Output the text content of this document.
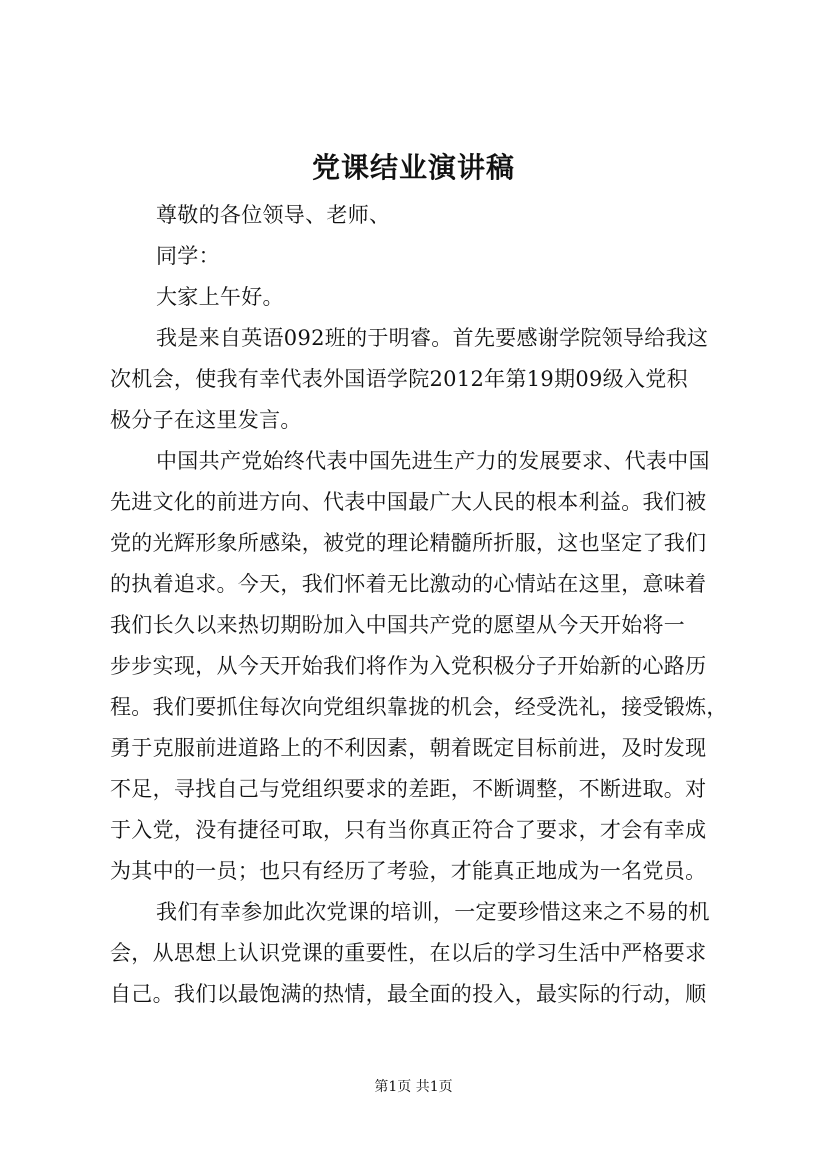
党课结业演讲稿
尊敬的各位领导、老师、
同学：
大家上午好。
我是来自英语092班的于明睿。首先要感谢学院领导给我这
次机会，使我有幸代表外国语学院2012年第19期09级入党积
极分子在这里发言。
中国共产党始终代表中国先进生产力的发展要求、代表中国
先进文化的前进方向、代表中国最广大人民的根本利益。我们被
党的光辉形象所感染，被党的理论精髓所折服，这也坚定了我们
的执着追求。今天，我们怀着无比激动的心情站在这里，意味着
我们长久以来热切期盼加入中国共产党的愿望从今天开始将一
步步实现，从今天开始我们将作为入党积极分子开始新的心路历
程。我们要抓住每次向党组织靠拢的机会，经受洗礼，接受锻炼，
勇于克服前进道路上的不利因素，朝着既定目标前进，及时发现
不足，寻找自己与党组织要求的差距，不断调整，不断进取。对
于入党，没有捷径可取，只有当你真正符合了要求，才会有幸成
为其中的一员；也只有经历了考验，才能真正地成为一名党员。
我们有幸参加此次党课的培训，一定要珍惜这来之不易的机
会，从思想上认识党课的重要性，在以后的学习生活中严格要求
自己。我们以最饱满的热情，最全面的投入，最实际的行动，顺
第1页 共1页
